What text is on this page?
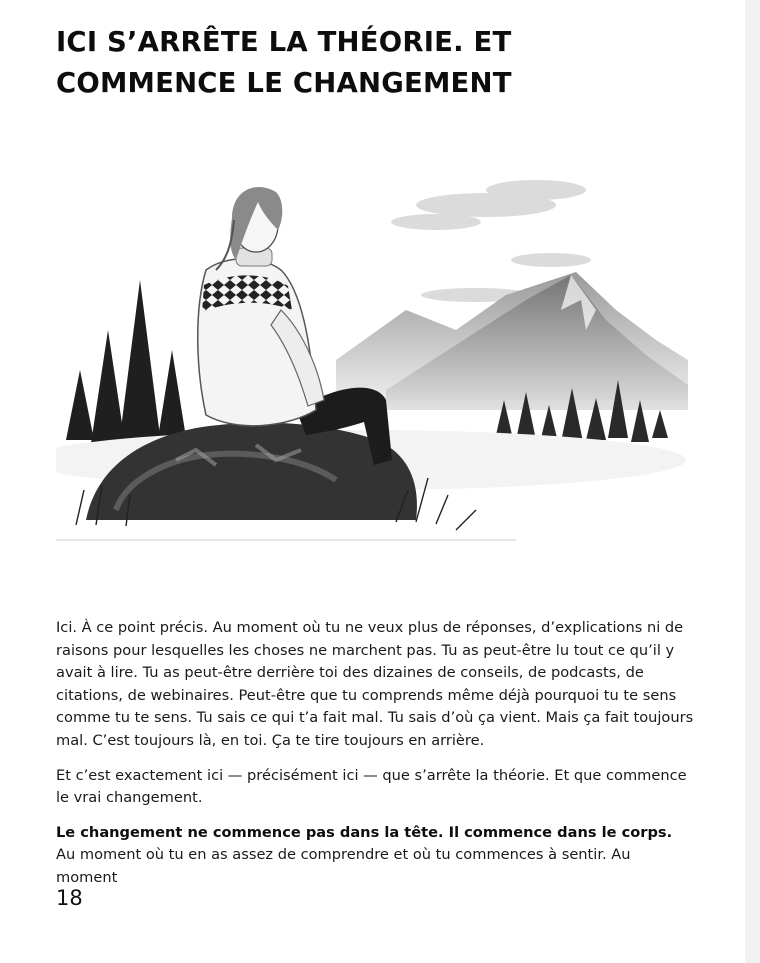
ICI S’ARRÊTE LA THÉORIE. ET COMMENCE LE CHANGEMENT

Ici. À ce point précis. Au moment où tu ne veux plus de réponses, d’explications ni de raisons pour lesquelles les choses ne marchent pas. Tu as peut-être lu tout ce qu’il y avait à lire. Tu as peut-être derrière toi des dizaines de conseils, de podcasts, de citations, de webinaires. Peut-être que tu comprends même déjà pourquoi tu te sens comme tu te sens. Tu sais ce qui t’a fait mal. Tu sais d’où ça vient. Mais ça fait toujours mal. C’est toujours là, en toi. Ça te tire toujours en arrière.

Et c’est exactement ici — précisément ici — que s’arrête la théorie. Et que commence le vrai changement.

Le changement ne commence pas dans la tête. Il commence dans le corps. Au moment où tu en as assez de comprendre et où tu commences à sentir. Au moment

18
